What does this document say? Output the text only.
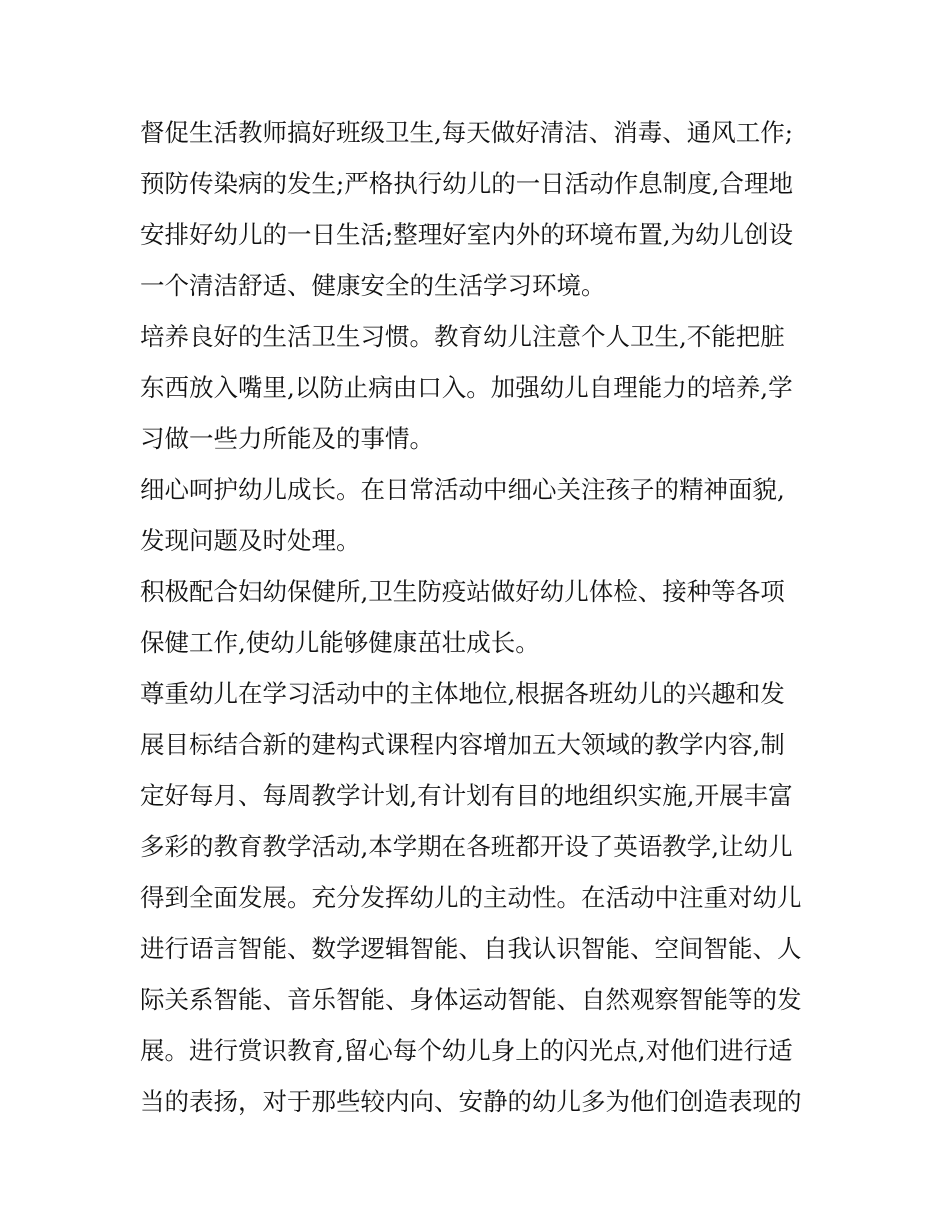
督促生活教师搞好班级卫生,每天做好清洁、消毒、通风工作;
预防传染病的发生;严格执行幼儿的一日活动作息制度,合理地
安排好幼儿的一日生活;整理好室内外的环境布置,为幼儿创设
一个清洁舒适、健康安全的生活学习环境。
培养良好的生活卫生习惯。教育幼儿注意个人卫生,不能把脏
东西放入嘴里,以防止病由口入。加强幼儿自理能力的培养,学
习做一些力所能及的事情。
细心呵护幼儿成长。在日常活动中细心关注孩子的精神面貌,
发现问题及时处理。
积极配合妇幼保健所,卫生防疫站做好幼儿体检、接种等各项
保健工作,使幼儿能够健康茁壮成长。
尊重幼儿在学习活动中的主体地位,根据各班幼儿的兴趣和发
展目标结合新的建构式课程内容增加五大领域的教学内容,制
定好每月、每周教学计划,有计划有目的地组织实施,开展丰富
多彩的教育教学活动,本学期在各班都开设了英语教学,让幼儿
得到全面发展。充分发挥幼儿的主动性。在活动中注重对幼儿
进行语言智能、数学逻辑智能、自我认识智能、空间智能、人
际关系智能、音乐智能、身体运动智能、自然观察智能等的发
展。进行赏识教育,留心每个幼儿身上的闪光点,对他们进行适
当的表扬，对于那些较内向、安静的幼儿多为他们创造表现的
